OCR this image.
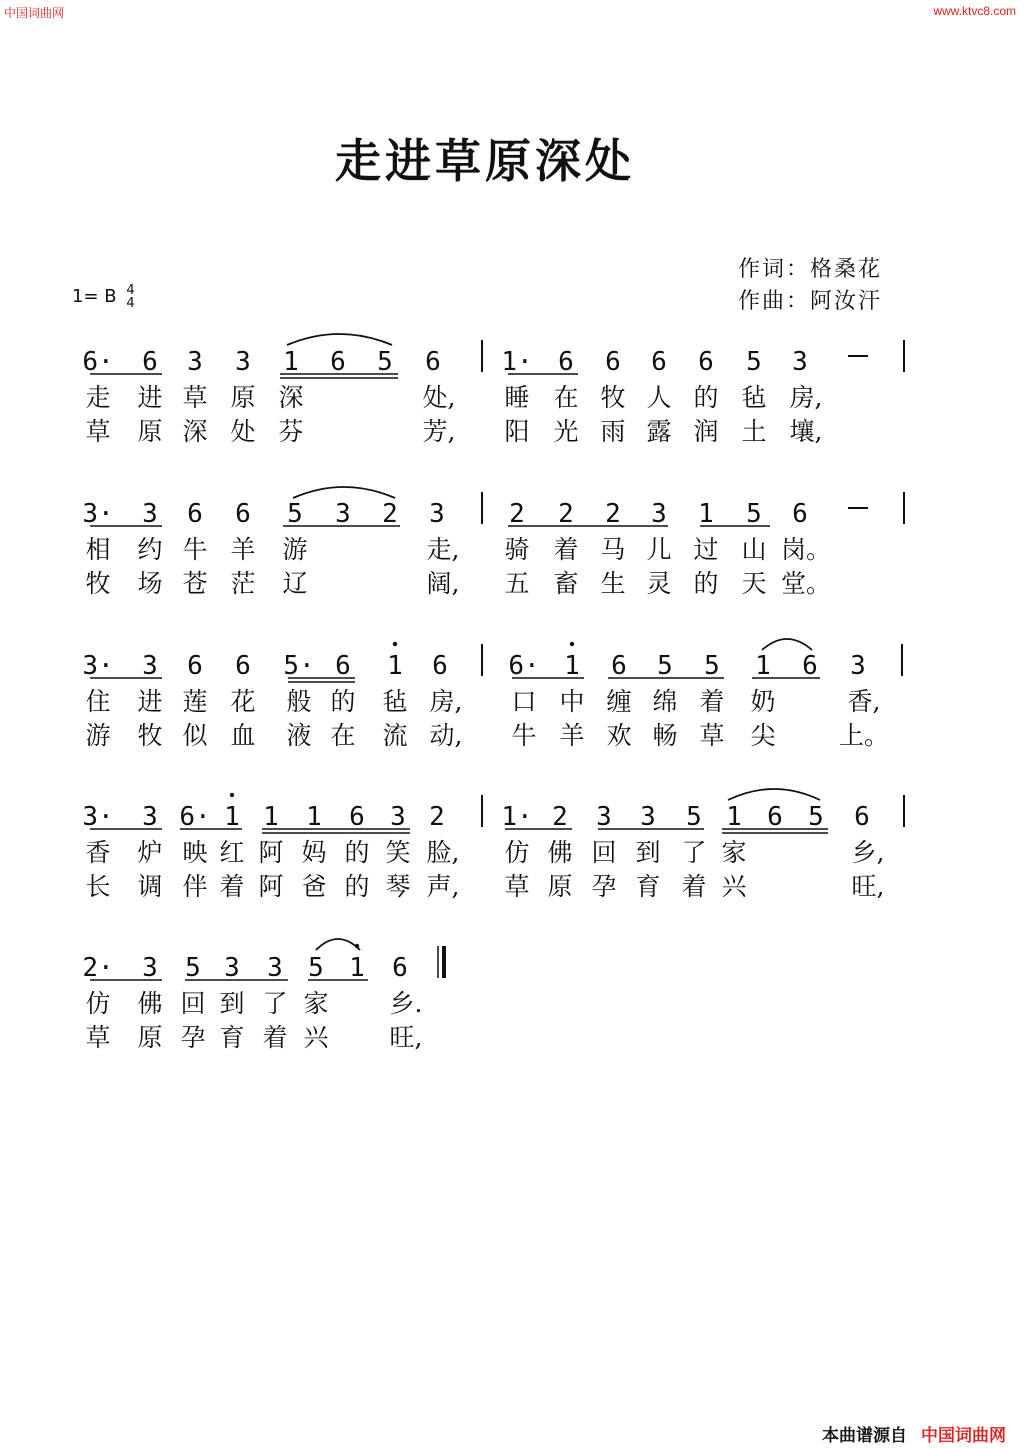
中国词曲网	www.ktvc8.com
走进草原深处
作词：格桑花
作曲：阿汝汗
1= B 4
4
6· 6 3 3 1 6 5 6 1· 6 6 6 6 5 3
走 进 草 原 深	处, 睡 在 牧 人 的 毡 房,
草 原 深 处 芬	芳, 阳 光 雨 露 润 土 壤,
3· 3 6 6 5 3 2 3 2 2 2 3 1 5 6
相 约 牛 羊 游	走, 骑 着 马 儿 过 山 岗。
牧 场 苍 茫 辽	阔, 五 畜 生 灵 的 天 堂。
3· 3 6 6 5· 6 1 6 6· 1 6 5 5 1 6 3
住 进 莲 花 般 的 毡 房, 口 中 缠 绵 着 奶	香,
游 牧 似 血 液 在 流 动, 牛 羊 欢 畅 草 尖	上。
3· 3 6· 1 1 1 6 3 2 1· 2 3 3 5 1 6 5 6
香 炉 映 红 阿 妈 的 笑 脸, 仿 佛 回 到 了 家	乡,
长 调 伴 着 阿 爸 的 琴 声, 草 原 孕 育 着 兴	旺,
2· 3 5 3 3 5 1 6
仿 佛 回 到 了 家 乡.
草 原 孕 育 着 兴 旺,
本曲谱源自 中国词曲网
